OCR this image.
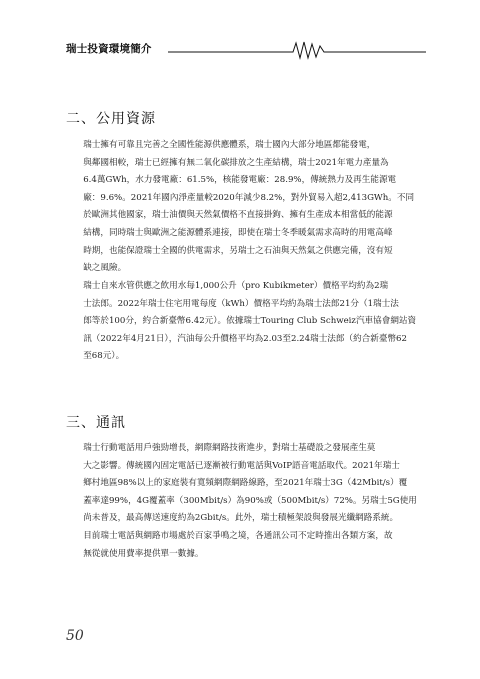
瑞士投資環境簡介
二、公用資源
瑞士擁有可靠且完善之全國性能源供應體系，瑞士國內大部分地區都能發電，
與鄰國相較，瑞士已經擁有無二氧化碳排放之生產結構，瑞士2021年電力產量為
6.4萬GWh，水力發電廠：61.5%，核能發電廠：28.9%，傳統熱力及再生能源電
廠：9.6%。2021年國內淨產量較2020年減少8.2%，對外貿易入超2,413GWh。不同
於歐洲其他國家，瑞士油價與天然氣價格不直接掛鉤、擁有生產成本相當低的能源
結構，同時瑞士與歐洲之能源體系連接，即使在瑞士冬季暖氣需求高時的用電高峰
時期，也能保證瑞士全國的供電需求，另瑞士之石油與天然氣之供應完備，沒有短
缺之風險。
瑞士自來水管供應之飲用水每1,000公升（pro Kubikmeter）價格平均約為2瑞
士法郎。2022年瑞士住宅用電每度（kWh）價格平均約為瑞士法郎21分（1瑞士法
郎等於100分，約合新臺幣6.42元）。依據瑞士Touring Club Schweiz汽車協會網站資
訊（2022年4月21日），汽油每公升價格平均為2.03至2.24瑞士法郎（約合新臺幣62
至68元）。
三、通訊
瑞士行動電話用戶強勁增長，網際網路技術進步，對瑞士基礎設之發展產生莫
大之影響。傳統國內固定電話已逐漸被行動電話與VoIP語音電話取代。2021年瑞士
鄉村地區98%以上的家庭裝有寬頻網際網路線路，至2021年瑞士3G（42Mbit/s）覆
蓋率達99%，4G覆蓋率（300Mbit/s）為90%或（500Mbit/s）72%。另瑞士5G使用
尚未普及，最高傳送速度約為2Gbit/s。此外，瑞士積極架設與發展光纖網路系統。
目前瑞士電話與網路市場處於百家爭鳴之境，各通訊公司不定時推出各類方案，故
無從就使用費率提供單一數據。
50
